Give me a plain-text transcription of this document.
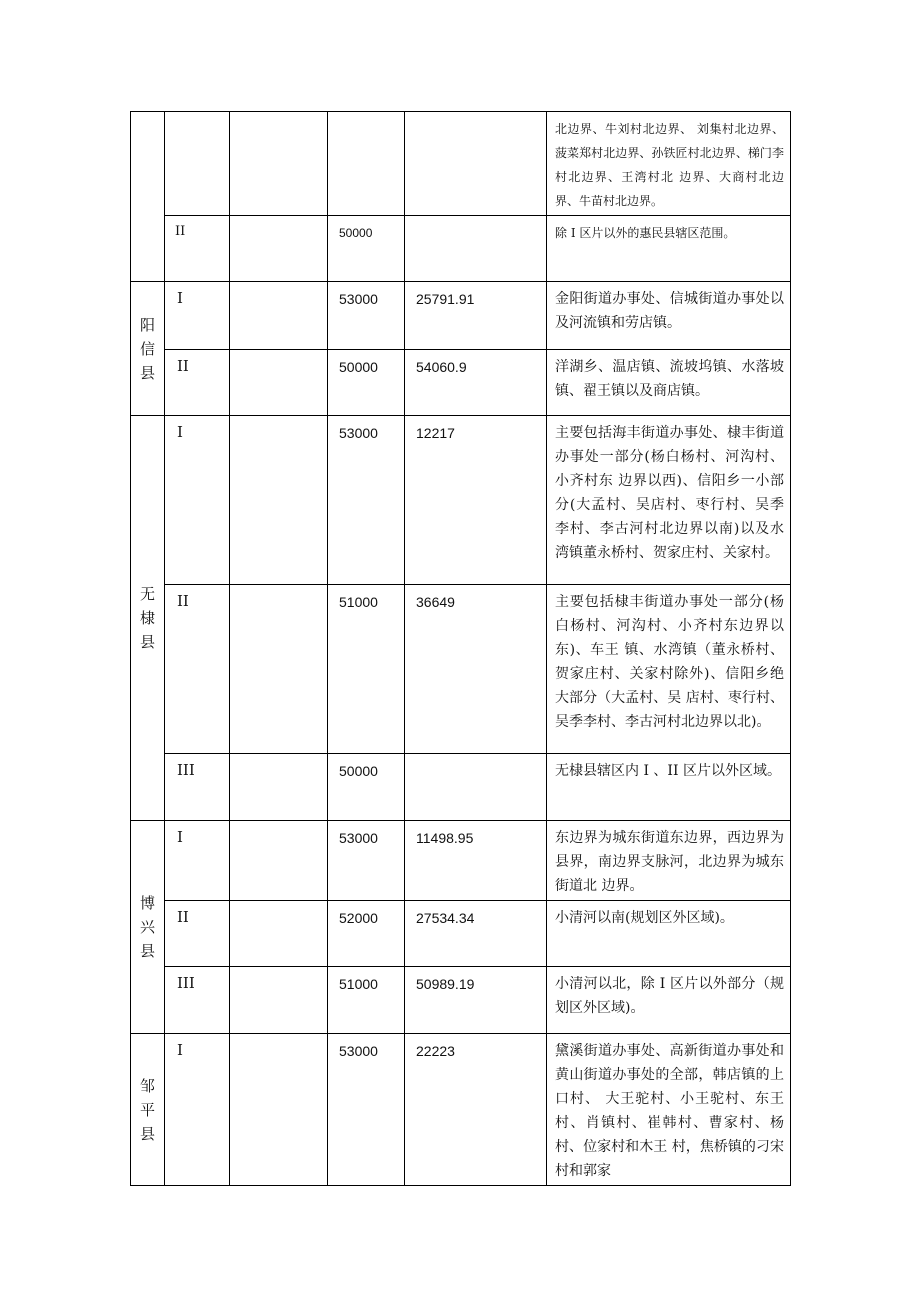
					北边界、牛刘村北边界、 刘集村北边界、菠菜郑村北边界、孙铁匠村北边界、梯门李村北边界、王湾村北 边界、大商村北边界、牛苗村北边界。
	II		50000		除 I 区片以外的惠民县辖区范围。

阳信县	I		53000	25791.91	金阳街道办事处、信城街道办事处以及河流镇和劳店镇。
	II		50000	54060.9	洋湖乡、温店镇、流坡坞镇、水落坡镇、翟王镇以及商店镇。

无棣县	I		53000	12217	主要包括海丰街道办事处、棣丰街道办事处一部分(杨白杨村、河沟村、小齐村东 边界以西)、信阳乡一小部分(大孟村、吴店村、枣行村、吴季李村、李古河村北边界以南)以及水湾镇董永桥村、贺家庄村、关家村。
	II		51000	36649	主要包括棣丰街道办事处一部分(杨白杨村、河沟村、小齐村东边界以东)、车王 镇、水湾镇（董永桥村、贺家庄村、关家村除外)、信阳乡绝大部分（大孟村、吴 店村、枣行村、吴季李村、李古河村北边界以北)。
	III		50000		无棣县辖区内 I 、II 区片以外区域。

博兴县	I		53000	11498.95	东边界为城东街道东边界，西边界为县界，南边界支脉河，北边界为城东街道北 边界。
	II		52000	27534.34	小清河以南(规划区外区域)。
	III		51000	50989.19	小清河以北，除 I 区片以外部分（规划区外区域)。

邹平县	I		53000	22223	黛溪街道办事处、高新街道办事处和黄山街道办事处的全部，韩店镇的上口村、 大王驼村、小王驼村、东王村、肖镇村、崔韩村、曹家村、杨村、位家村和木王 村，焦桥镇的刁宋村和郭家
